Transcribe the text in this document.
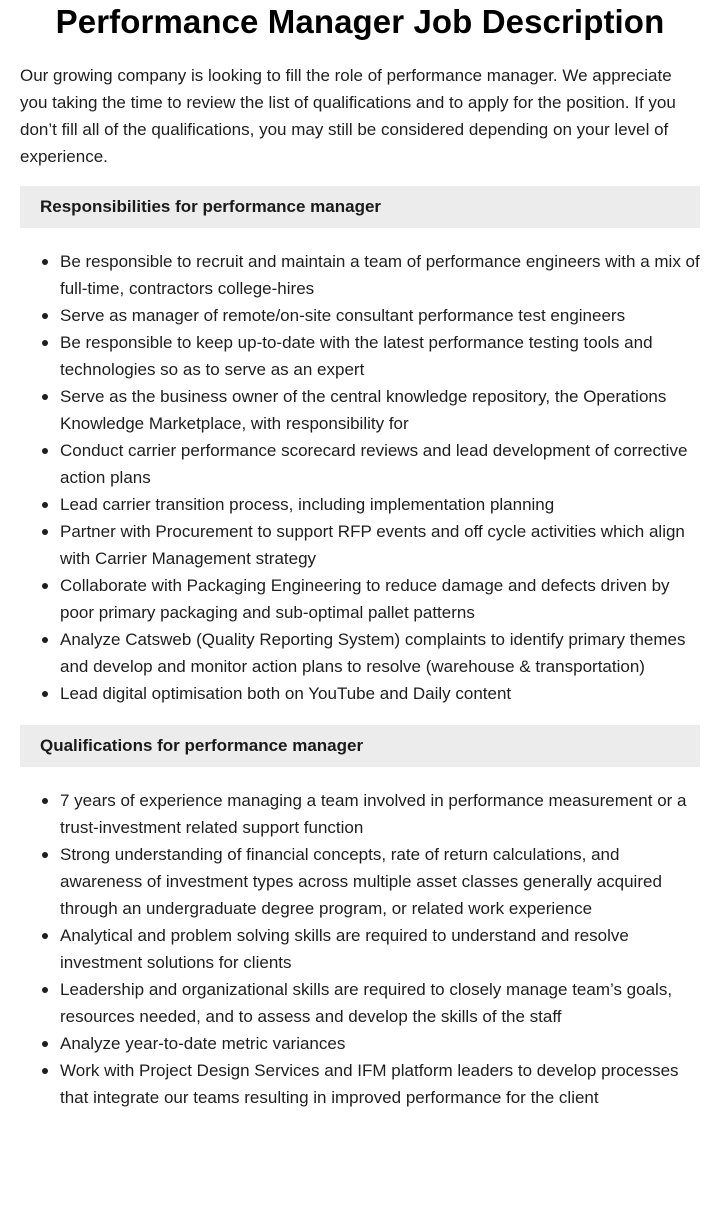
Performance Manager Job Description

Our growing company is looking to fill the role of performance manager. We appreciate you taking the time to review the list of qualifications and to apply for the position. If you don’t fill all of the qualifications, you may still be considered depending on your level of experience.

Responsibilities for performance manager
Be responsible to recruit and maintain a team of performance engineers with a mix of full-time, contractors college-hires
Serve as manager of remote/on-site consultant performance test engineers
Be responsible to keep up-to-date with the latest performance testing tools and technologies so as to serve as an expert
Serve as the business owner of the central knowledge repository, the Operations Knowledge Marketplace, with responsibility for
Conduct carrier performance scorecard reviews and lead development of corrective action plans
Lead carrier transition process, including implementation planning
Partner with Procurement to support RFP events and off cycle activities which align with Carrier Management strategy
Collaborate with Packaging Engineering to reduce damage and defects driven by poor primary packaging and sub-optimal pallet patterns
Analyze Catsweb (Quality Reporting System) complaints to identify primary themes and develop and monitor action plans to resolve (warehouse & transportation)
Lead digital optimisation both on YouTube and Daily content
Qualifications for performance manager
7 years of experience managing a team involved in performance measurement or a trust-investment related support function
Strong understanding of financial concepts, rate of return calculations, and awareness of investment types across multiple asset classes generally acquired through an undergraduate degree program, or related work experience
Analytical and problem solving skills are required to understand and resolve investment solutions for clients
Leadership and organizational skills are required to closely manage team’s goals, resources needed, and to assess and develop the skills of the staff
Analyze year-to-date metric variances
Work with Project Design Services and IFM platform leaders to develop processes that integrate our teams resulting in improved performance for the client
